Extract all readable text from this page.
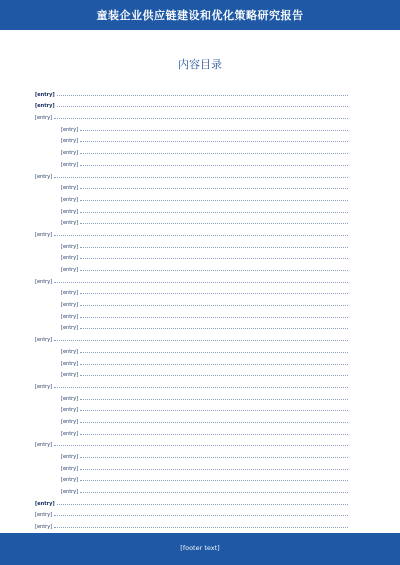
童装企业供应链建设和优化策略研究报告
内容目录
[entry]
[entry]
[entry]
[entry]
[entry]
[entry]
[entry]
[entry]
[entry]
[entry]
[entry]
[entry]
[entry]
[entry]
[entry]
[entry]
[entry]
[entry]
[entry]
[entry]
[entry]
[entry]
[entry]
[entry]
[entry]
[entry]
[entry]
[entry]
[entry]
[entry]
[entry]
[entry]
[entry]
[entry]
[entry]
[entry]
[entry]
[entry]
[footer text]
